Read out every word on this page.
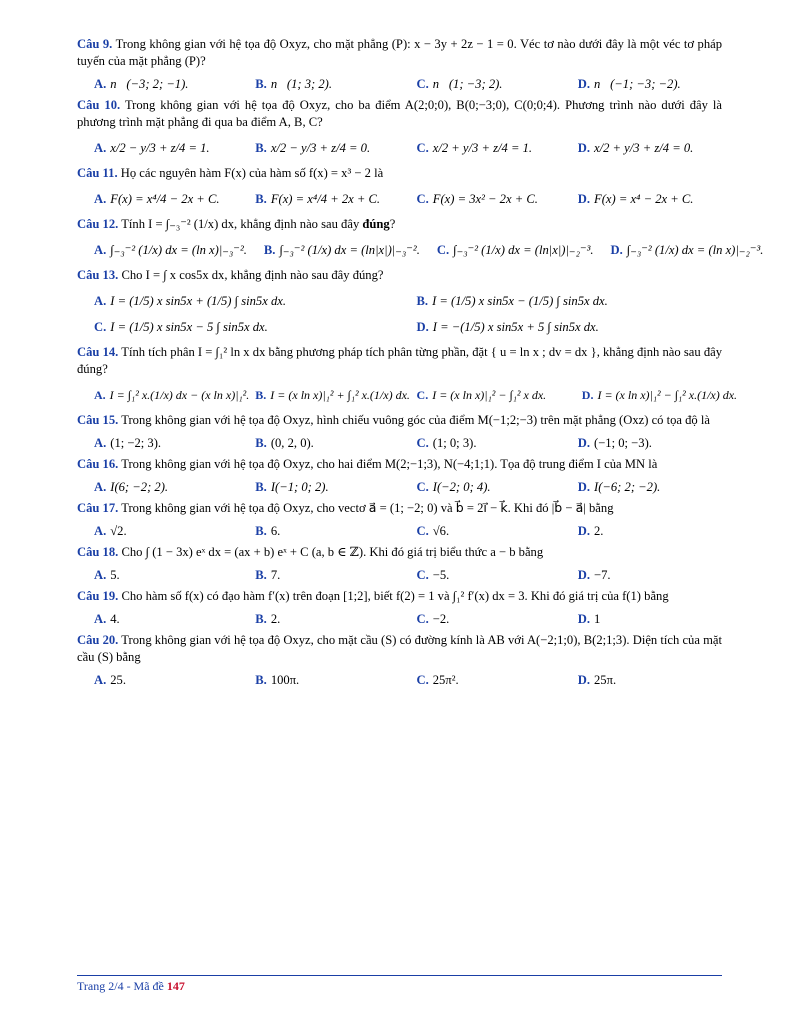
Câu 9. Trong không gian với hệ tọa độ Oxyz, cho mặt phẳng (P): x − 3y + 2z − 1 = 0. Véc tơ nào dưới đây là một véc tơ pháp tuyến của mặt phẳng (P)?
A. n⃗(−3; 2; −1).	B. n⃗(1; 3; 2).	C. n⃗(1; −3; 2).	D. n⃗(−1; −3; −2).
Câu 10. Trong không gian với hệ tọa độ Oxyz, cho ba điểm A(2;0;0), B(0;−3;0), C(0;0;4). Phương trình nào dưới đây là phương trình mặt phẳng đi qua ba điểm A, B, C?
A. x/2 − y/3 + z/4 = 1.	B. x/2 − y/3 + z/4 = 0.	C. x/2 + y/3 + z/4 = 1.	D. x/2 + y/3 + z/4 = 0.
Câu 11. Họ các nguyên hàm F(x) của hàm số f(x) = x³ − 2 là
A. F(x) = x⁴/4 − 2x + C.	B. F(x) = x⁴/4 + 2x + C.	C. F(x) = 3x² − 2x + C.	D. F(x) = x⁴ − 2x + C.
Câu 12. Tính I = ∫₋₃⁻² (1/x) dx, khẳng định nào sau đây đúng?
A. ∫₋₃⁻² (1/x) dx = (ln x)|₋₃⁻².	B. ∫₋₃⁻² (1/x) dx = (ln|x|)|₋₃⁻².	C. ∫₋₃⁻² (1/x) dx = (ln|x|)|₋₂⁻³.	D. ∫₋₃⁻² (1/x) dx = (ln x)|₋₂⁻³.
Câu 13. Cho I = ∫ x cos5x dx, khẳng định nào sau đây đúng?
A. I = (1/5) x sin5x + (1/5) ∫ sin5x dx.	B. I = (1/5) x sin5x − (1/5) ∫ sin5x dx.
C. I = (1/5) x sin5x − 5 ∫ sin5x dx.	D. I = −(1/5) x sin5x + 5 ∫ sin5x dx.
Câu 14. Tính tích phân I = ∫₁² ln x dx bằng phương pháp tích phân từng phần, đặt { u = ln x ; dv = dx }, khẳng định nào sau đây đúng?
A. I = ∫₁² x.(1/x) dx − (x ln x)|₁². B. I = (x ln x)|₁² + ∫₁² x.(1/x) dx. C. I = (x ln x)|₁² − ∫₁² x dx.	D. I = (x ln x)|₁² − ∫₁² x.(1/x) dx.
Câu 15. Trong không gian với hệ tọa độ Oxyz, hình chiếu vuông góc của điểm M(−1;2;−3) trên mặt phẳng (Oxz) có tọa độ là
A. (1; −2; 3).	B. (0, 2, 0).	C. (1; 0; 3).	D. (−1; 0; −3).
Câu 16. Trong không gian với hệ tọa độ Oxyz, cho hai điểm M(2;−1;3), N(−4;1;1). Tọa độ trung điểm I của MN là
A. I(6; −2; 2).	B. I(−1; 0; 2).	C. I(−2; 0; 4).	D. I(−6; 2; −2).
Câu 17. Trong không gian với hệ tọa độ Oxyz, cho vectơ a⃗ = (1; −2; 0) và b⃗ = 2i⃗ − k⃗. Khi đó |b⃗ − a⃗| bằng
A. √2.	B. 6.	C. √6.	D. 2.
Câu 18. Cho ∫ (1 − 3x) eˣ dx = (ax + b) eˣ + C (a, b ∈ ℤ). Khi đó giá trị biểu thức a − b bằng
A. 5.	B. 7.	C. −5.	D. −7.
Câu 19. Cho hàm số f(x) có đạo hàm f′(x) trên đoạn [1;2], biết f(2) = 1 và ∫₁² f′(x) dx = 3. Khi đó giá trị của f(1) bằng
A. 4.	B. 2.	C. −2.	D. 1
Câu 20. Trong không gian với hệ tọa độ Oxyz, cho mặt cầu (S) có đường kính là AB với A(−2;1;0), B(2;1;3). Diện tích của mặt cầu (S) bằng
A. 25.	B. 100π.	C. 25π².	D. 25π.
Trang 2/4 - Mã đề 147
